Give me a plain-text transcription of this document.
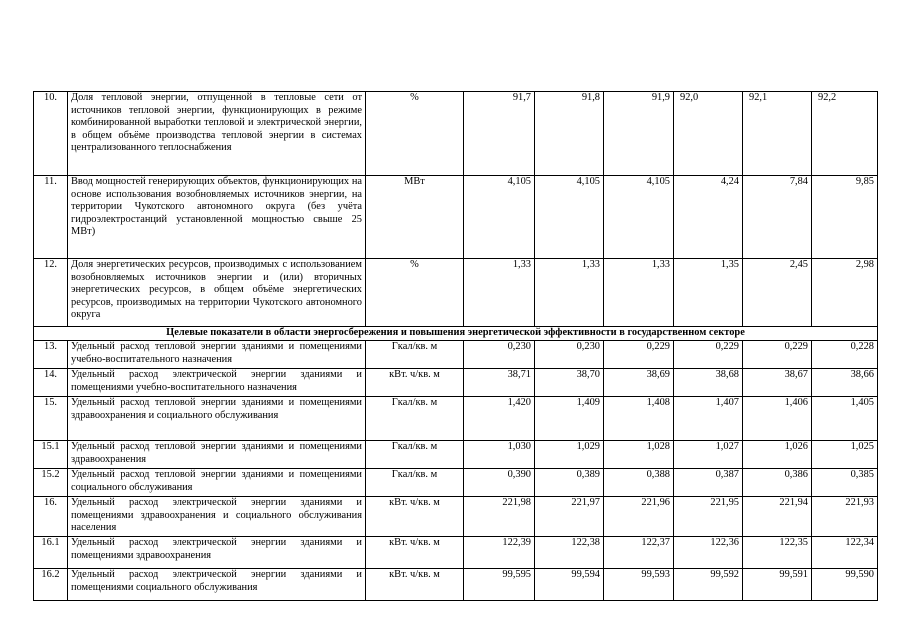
10.	Доля тепловой энергии, отпущенной в тепловые сети от источников тепловой энергии, функционирующих в режиме комбинированной выработки тепловой и электрической энергии, в общем объёме производства тепловой энергии в системах централизованного теплоснабжения	%	91,7	91,8	91,9	92,0	92,1	92,2
11.	Ввод мощностей генерирующих объектов, функционирующих на основе использования возобновляемых источников энергии, на территории Чукотского автономного округа (без учёта гидроэлектростанций установленной мощностью свыше 25 МВт)	МВт	4,105	4,105	4,105	4,24	7,84	9,85
12.	Доля энергетических ресурсов, производимых с использованием возобновляемых источников энергии и (или) вторичных энергетических ресурсов, в общем объёме энергетических ресурсов, производимых на территории Чукотского автономного округа	%	1,33	1,33	1,33	1,35	2,45	2,98
Целевые показатели в области энергосбережения и повышения энергетической эффективности в государственном секторе								
13.	Удельный расход тепловой энергии зданиями и помещениями учебно-воспитательного назначения	Гкал/кв. м	0,230	0,230	0,229	0,229	0,229	0,228
14.	Удельный расход электрической энергии зданиями и помещениями учебно-воспитательного назначения	кВт. ч/кв. м	38,71	38,70	38,69	38,68	38,67	38,66
15.	Удельный расход тепловой энергии зданиями и помещениями здравоохранения и социального обслуживания	Гкал/кв. м	1,420	1,409	1,408	1,407	1,406	1,405
15.1	Удельный расход тепловой энергии зданиями и помещениями здравоохранения	Гкал/кв. м	1,030	1,029	1,028	1,027	1,026	1,025
15.2	Удельный расход тепловой энергии зданиями и помещениями социального обслуживания	Гкал/кв. м	0,390	0,389	0,388	0,387	0,386	0,385
16.	Удельный расход электрической энергии зданиями и помещениями здравоохранения и социального обслуживания населения	кВт. ч/кв. м	221,98	221,97	221,96	221,95	221,94	221,93
16.1	Удельный расход электрической энергии зданиями и помещениями здравоохранения	кВт. ч/кв. м	122,39	122,38	122,37	122,36	122,35	122,34
16.2	Удельный расход электрической энергии зданиями и помещениями социального обслуживания	кВт. ч/кв. м	99,595	99,594	99,593	99,592	99,591	99,590
